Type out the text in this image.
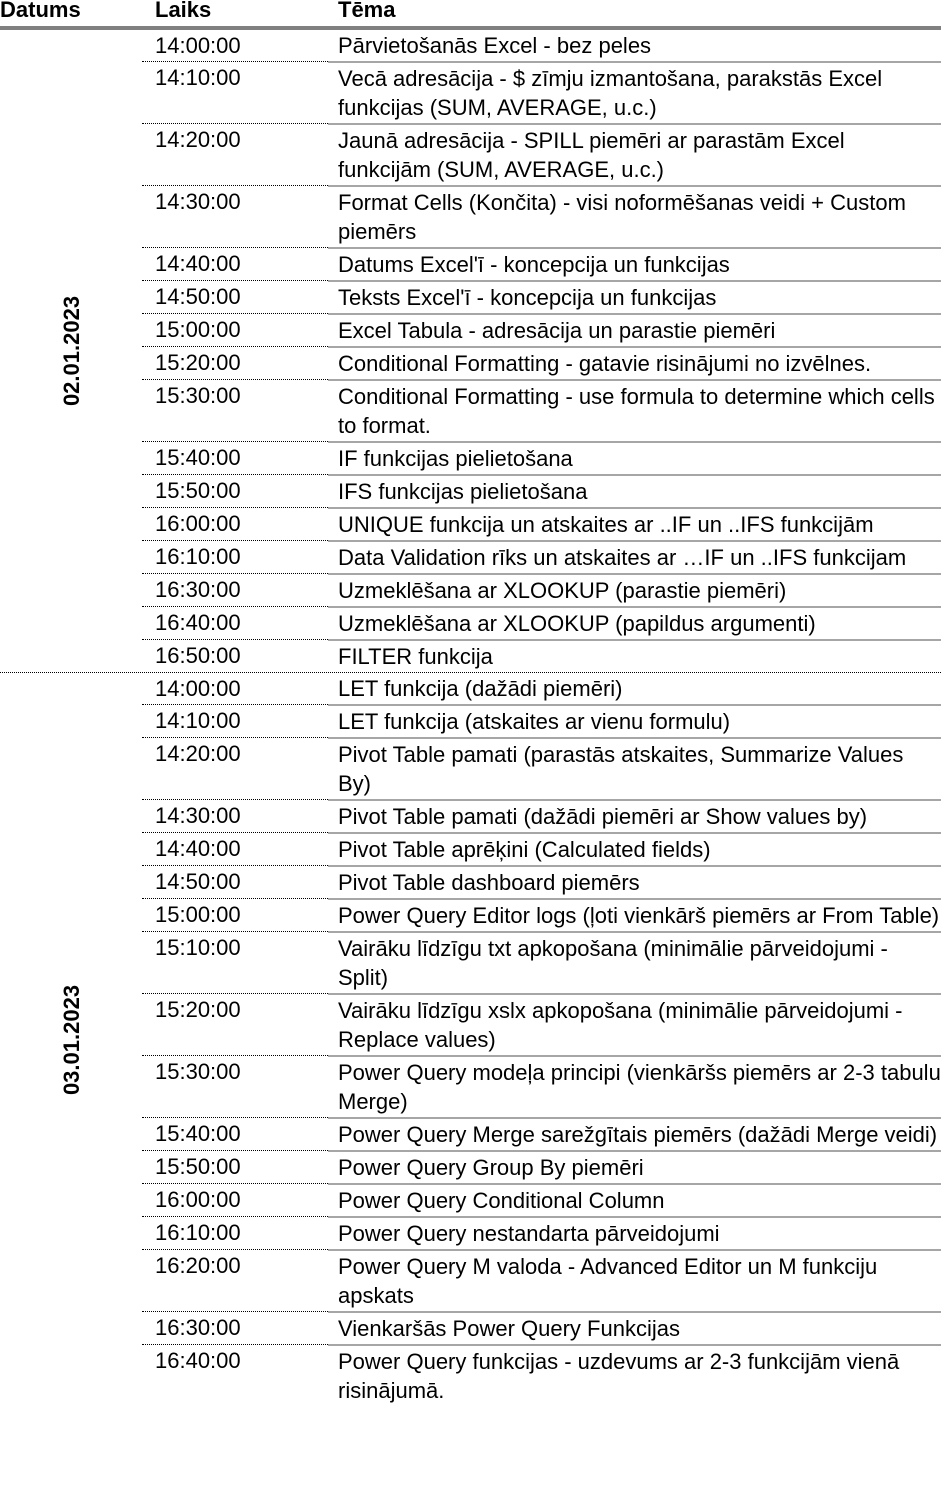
Datums	Laiks	Tēma
02.01.2023
14:00:00	Pārvietošanās Excel - bez peles
14:10:00	Vecā adresācija - $ zīmju izmantošana, parakstās Excel funkcijas (SUM, AVERAGE, u.c.)
14:20:00	Jaunā adresācija - SPILL piemēri ar parastām Excel funkcijām (SUM, AVERAGE, u.c.)
14:30:00	Format Cells (Končita) - visi noformēšanas veidi + Custom piemērs
14:40:00	Datums Excel'ī - koncepcija un funkcijas
14:50:00	Teksts Excel'ī - koncepcija un funkcijas
15:00:00	Excel Tabula - adresācija un parastie piemēri
15:20:00	Conditional Formatting - gatavie risinājumi no izvēlnes.
15:30:00	Conditional Formatting - use formula to determine which cells to format.
15:40:00	IF funkcijas pielietošana
15:50:00	IFS funkcijas pielietošana
16:00:00	UNIQUE funkcija un atskaites ar ..IF un ..IFS funkcijām
16:10:00	Data Validation rīks un atskaites ar …IF un ..IFS funkcijam
16:30:00	Uzmeklēšana ar XLOOKUP (parastie piemēri)
16:40:00	Uzmeklēšana ar XLOOKUP (papildus argumenti)
16:50:00	FILTER funkcija
03.01.2023
14:00:00	LET funkcija (dažādi piemēri)
14:10:00	LET funkcija (atskaites ar vienu formulu)
14:20:00	Pivot Table pamati (parastās atskaites, Summarize Values By)
14:30:00	Pivot Table pamati (dažādi piemēri ar Show values by)
14:40:00	Pivot Table aprēķini (Calculated fields)
14:50:00	Pivot Table dashboard piemērs
15:00:00	Power Query Editor logs (ļoti vienkārš piemērs ar From Table)
15:10:00	Vairāku līdzīgu txt apkopošana (minimālie pārveidojumi - Split)
15:20:00	Vairāku līdzīgu xslx apkopošana (minimālie pārveidojumi - Replace values)
15:30:00	Power Query modeļa principi (vienkāršs piemērs ar 2-3 tabulu Merge)
15:40:00	Power Query Merge sarežgītais piemērs (dažādi Merge veidi)
15:50:00	Power Query Group By piemēri
16:00:00	Power Query Conditional Column
16:10:00	Power Query nestandarta pārveidojumi
16:20:00	Power Query M valoda - Advanced Editor un M funkciju apskats
16:30:00	Vienkaršās Power Query Funkcijas
16:40:00	Power Query funkcijas - uzdevums ar 2-3 funkcijām vienā risinājumā.
